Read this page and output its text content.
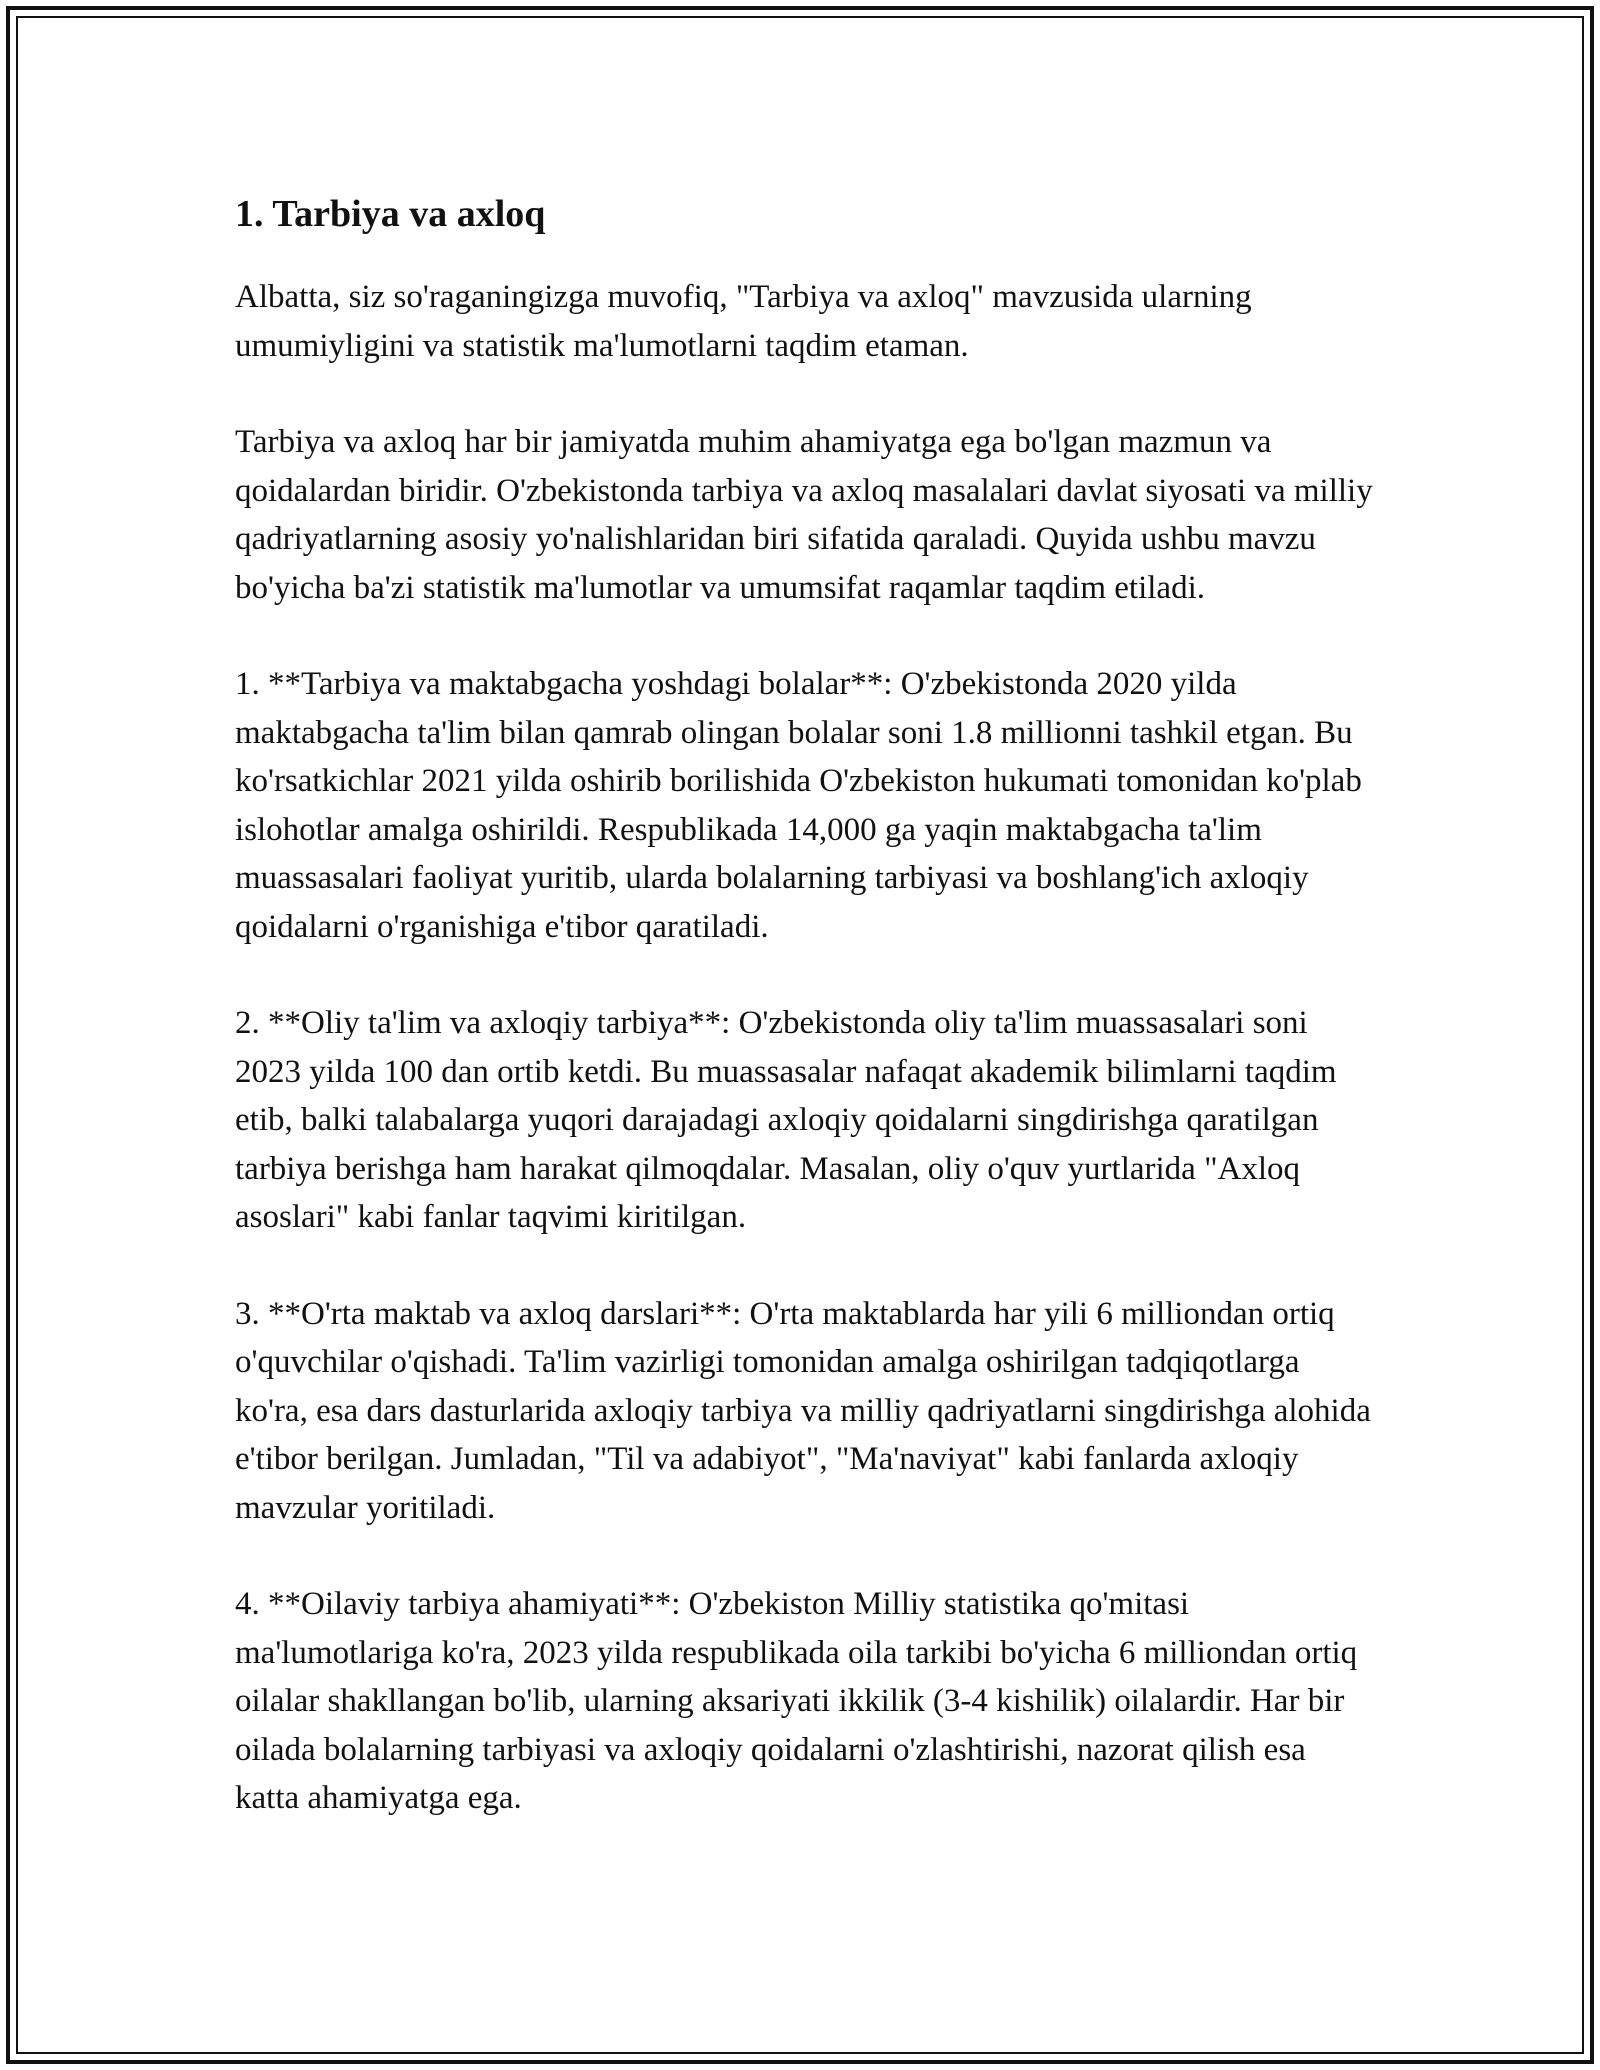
1. Tarbiya va axloq

Albatta, siz so'raganingizga muvofiq, "Tarbiya va axloq" mavzusida ularning umumiyligini va statistik ma'lumotlarni taqdim etaman.

Tarbiya va axloq har bir jamiyatda muhim ahamiyatga ega bo'lgan mazmun va qoidalardan biridir. O'zbekistonda tarbiya va axloq masalalari davlat siyosati va milliy qadriyatlarning asosiy yo'nalishlaridan biri sifatida qaraladi. Quyida ushbu mavzu bo'yicha ba'zi statistik ma'lumotlar va umumsifat raqamlar taqdim etiladi.

1. **Tarbiya va maktabgacha yoshdagi bolalar**: O'zbekistonda 2020 yilda maktabgacha ta'lim bilan qamrab olingan bolalar soni 1.8 millionni tashkil etgan. Bu ko'rsatkichlar 2021 yilda oshirib borilishida O'zbekiston hukumati tomonidan ko'plab islohotlar amalga oshirildi. Respublikada 14,000 ga yaqin maktabgacha ta'lim muassasalari faoliyat yuritib, ularda bolalarning tarbiyasi va boshlang'ich axloqiy qoidalarni o'rganishiga e'tibor qaratiladi.

2. **Oliy ta'lim va axloqiy tarbiya**: O'zbekistonda oliy ta'lim muassasalari soni 2023 yilda 100 dan ortib ketdi. Bu muassasalar nafaqat akademik bilimlarni taqdim etib, balki talabalarga yuqori darajadagi axloqiy qoidalarni singdirishga qaratilgan tarbiya berishga ham harakat qilmoqdalar. Masalan, oliy o'quv yurtlarida "Axloq asoslari" kabi fanlar taqvimi kiritilgan.

3. **O'rta maktab va axloq darslari**: O'rta maktablarda har yili 6 milliondan ortiq o'quvchilar o'qishadi. Ta'lim vazirligi tomonidan amalga oshirilgan tadqiqotlarga ko'ra, esa dars dasturlarida axloqiy tarbiya va milliy qadriyatlarni singdirishga alohida e'tibor berilgan. Jumladan, "Til va adabiyot", "Ma'naviyat" kabi fanlarda axloqiy mavzular yoritiladi.

4. **Oilaviy tarbiya ahamiyati**: O'zbekiston Milliy statistika qo'mitasi ma'lumotlariga ko'ra, 2023 yilda respublikada oila tarkibi bo'yicha 6 milliondan ortiq oilalar shakllangan bo'lib, ularning aksariyati ikkilik (3-4 kishilik) oilalardir. Har bir oilada bolalarning tarbiyasi va axloqiy qoidalarni o'zlashtirishi, nazorat qilish esa katta ahamiyatga ega.
